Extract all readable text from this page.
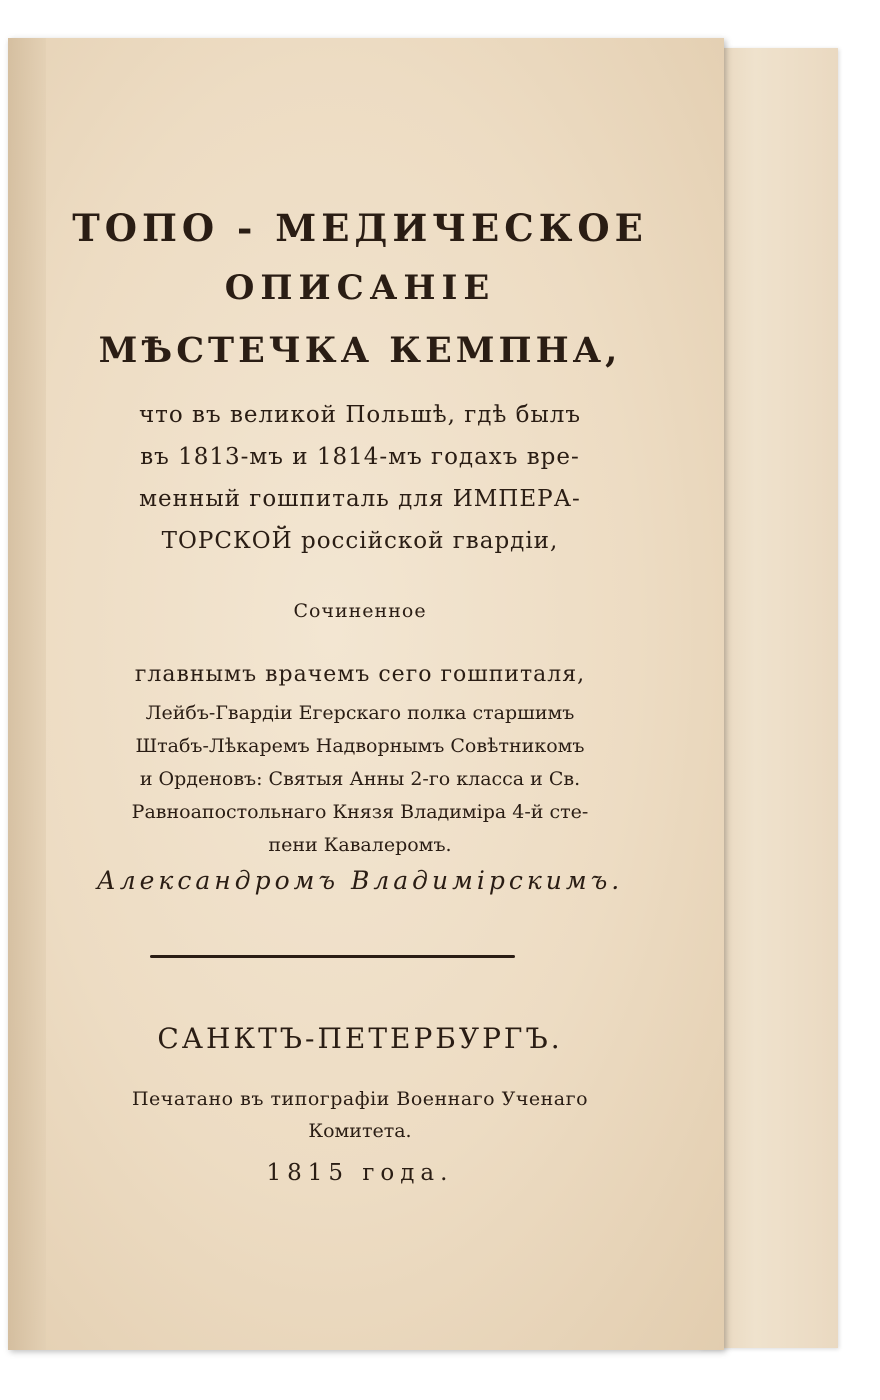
ТОПО - МЕДИЧЕСКОЕ
ОПИСАНІЕ
МѢСТЕЧКА КЕМПНА,
что въ великой Польшѣ, гдѣ былъ
въ 1813-мъ и 1814-мъ годахъ вре-
менный гошпиталь для ИМПЕРА-
ТОРСКОЙ россійской гвардіи,
Сочиненное
главнымъ врачемъ сего гошпиталя,
Лейбъ-Гвардіи Егерскаго полка старшимъ
Штабъ-Лѣкаремъ Надворнымъ Совѣтникомъ
и Орденовъ: Святыя Анны 2-го класса и Св.
Равноапостольнаго Князя Владиміра 4-й сте-
пени Кавалеромъ.
Александромъ Владимірскимъ.
САНКТЪ-ПЕТЕРБУРГЪ.
Печатано въ типографіи Военнаго Ученаго
Комитета.
1815 года.
